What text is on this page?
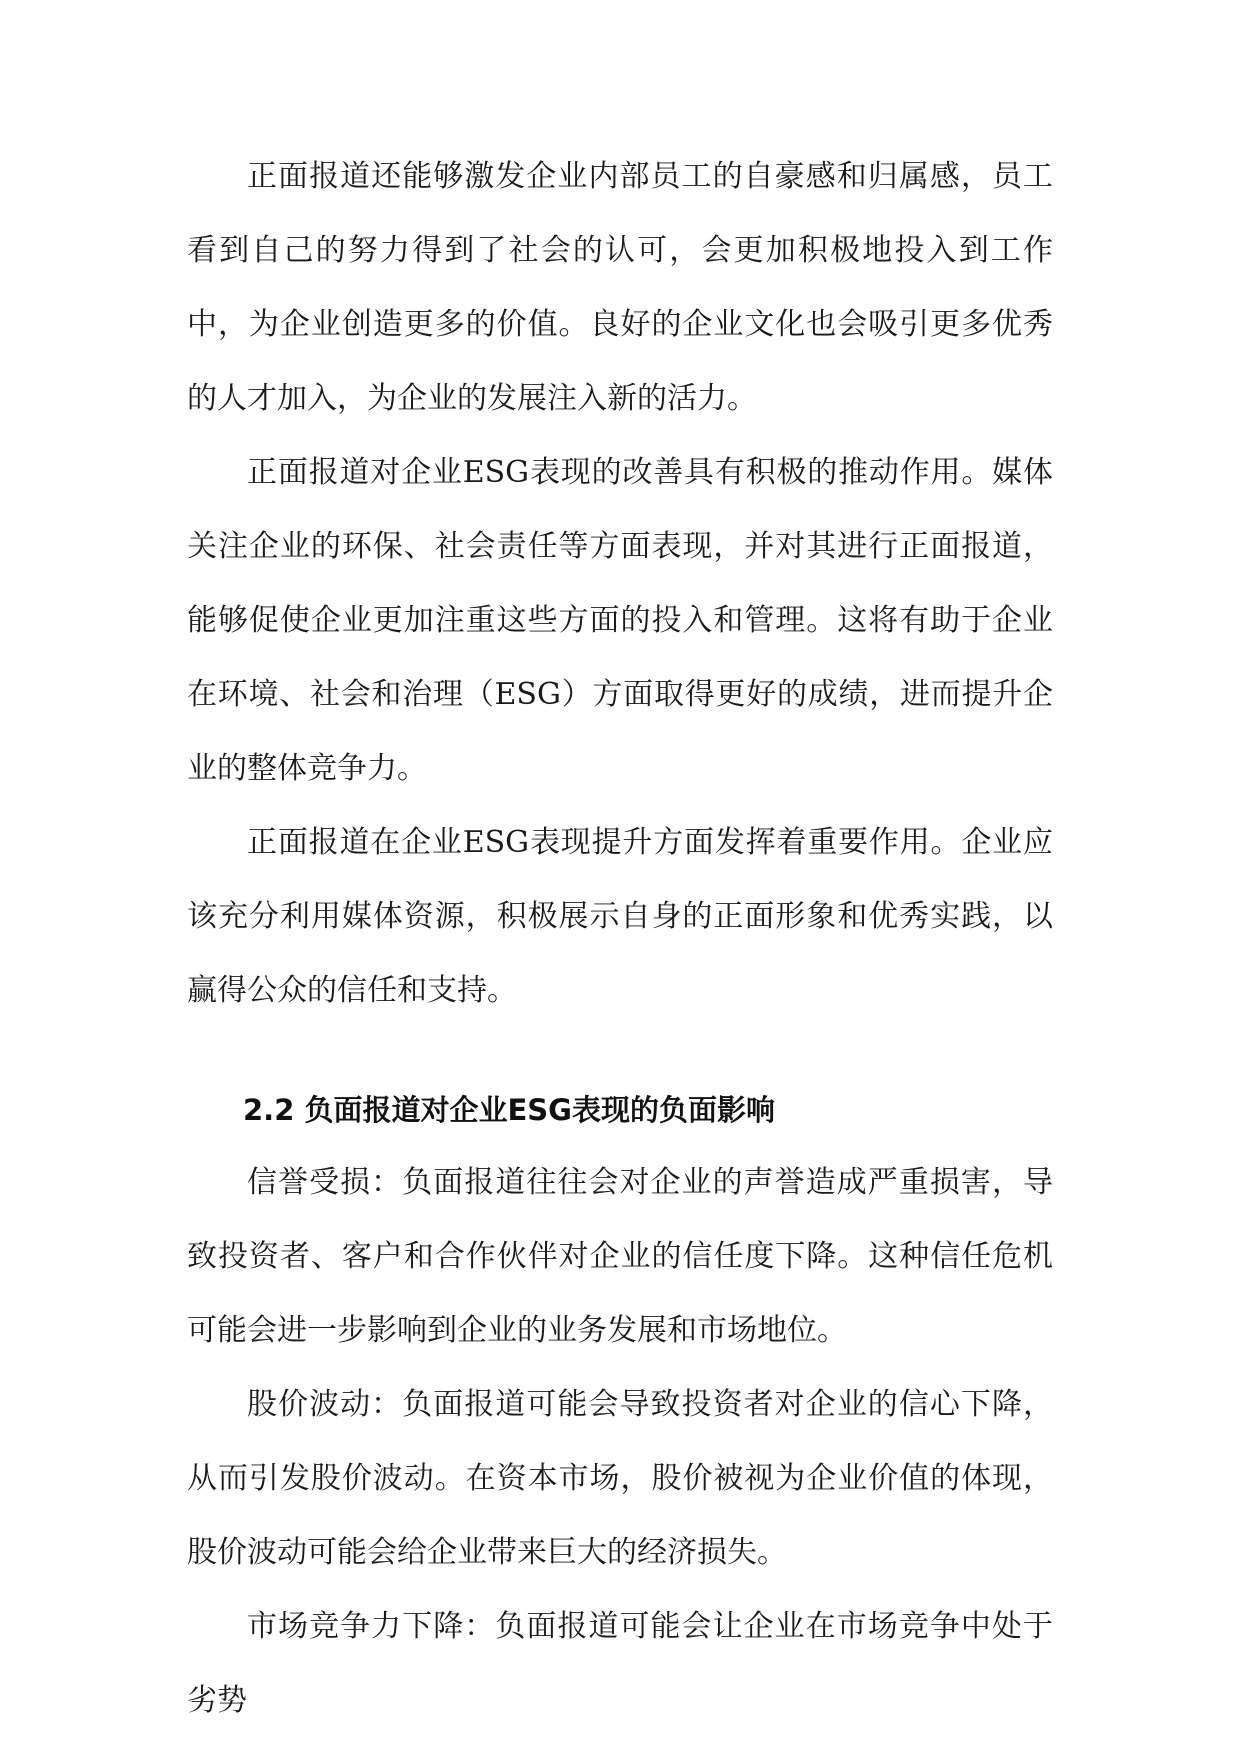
正面报道还能够激发企业内部员工的自豪感和归属感，员工看到自己的努力得到了社会的认可，会更加积极地投入到工作中，为企业创造更多的价值。良好的企业文化也会吸引更多优秀的人才加入，为企业的发展注入新的活力。

正面报道对企业ESG表现的改善具有积极的推动作用。媒体关注企业的环保、社会责任等方面表现，并对其进行正面报道，能够促使企业更加注重这些方面的投入和管理。这将有助于企业在环境、社会和治理（ESG）方面取得更好的成绩，进而提升企业的整体竞争力。

正面报道在企业ESG表现提升方面发挥着重要作用。企业应该充分利用媒体资源，积极展示自身的正面形象和优秀实践，以赢得公众的信任和支持。

2.2 负面报道对企业ESG表现的负面影响

信誉受损：负面报道往往会对企业的声誉造成严重损害，导致投资者、客户和合作伙伴对企业的信任度下降。这种信任危机可能会进一步影响到企业的业务发展和市场地位。

股价波动：负面报道可能会导致投资者对企业的信心下降，从而引发股价波动。在资本市场，股价被视为企业价值的体现，股价波动可能会给企业带来巨大的经济损失。

市场竞争力下降：负面报道可能会让企业在市场竞争中处于劣势
